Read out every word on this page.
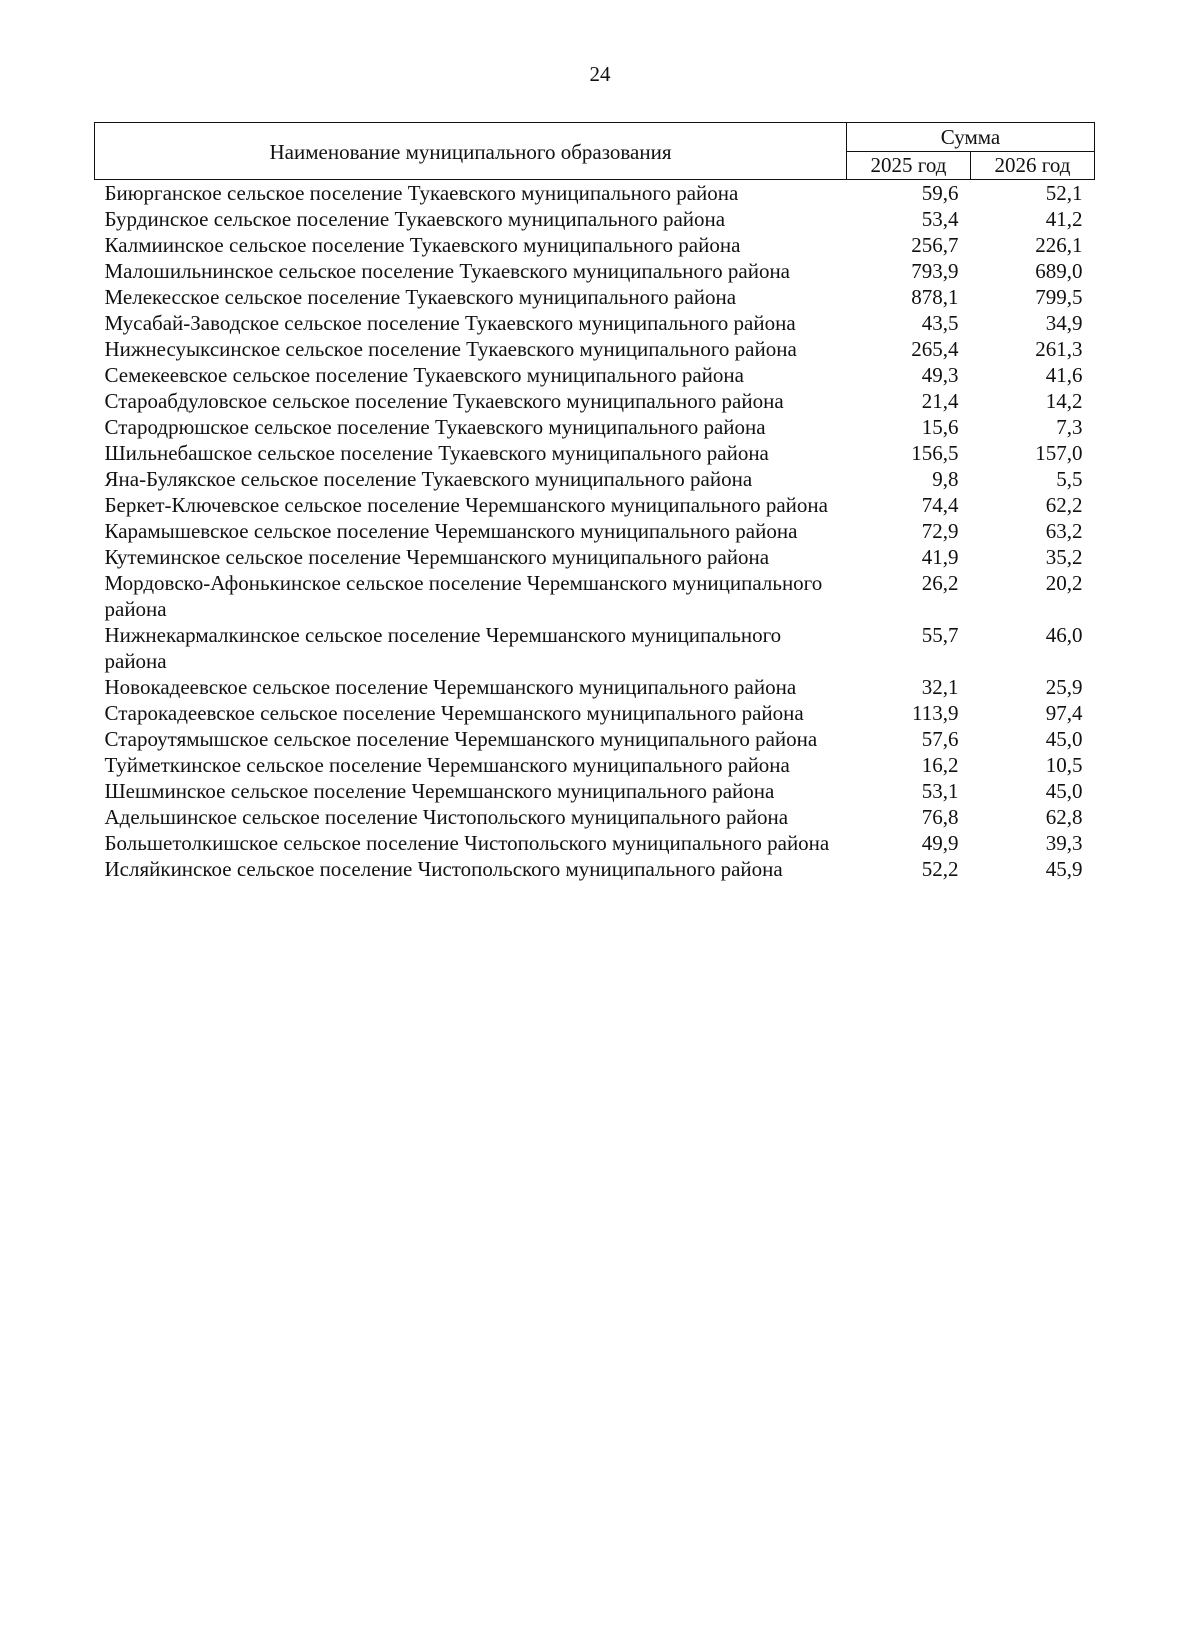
24
Наименование муниципального образования	Сумма	
	2025 год	2026 год
Биюрганское сельское поселение Тукаевского муниципального района	59,6	52,1
Бурдинское сельское поселение Тукаевского муниципального района	53,4	41,2
Калмиинское сельское поселение Тукаевского муниципального района	256,7	226,1
Малошильнинское сельское поселение Тукаевского муниципального района	793,9	689,0
Мелекесское сельское поселение Тукаевского муниципального района	878,1	799,5
Мусабай-Заводское сельское поселение Тукаевского муниципального района	43,5	34,9
Нижнесуыксинское сельское поселение Тукаевского муниципального района	265,4	261,3
Семекеевское сельское поселение Тукаевского муниципального района	49,3	41,6
Староабдуловское сельское поселение Тукаевского муниципального района	21,4	14,2
Стародрюшское сельское поселение Тукаевского муниципального района	15,6	7,3
Шильнебашское сельское поселение Тукаевского муниципального района	156,5	157,0
Яна-Булякское сельское поселение Тукаевского муниципального района	9,8	5,5
Беркет-Ключевское сельское поселение Черемшанского муниципального района	74,4	62,2
Карамышевское сельское поселение Черемшанского муниципального района	72,9	63,2
Кутеминское сельское поселение Черемшанского муниципального района	41,9	35,2
Мордовско-Афонькинское сельское поселение Черемшанского муниципального района	26,2	20,2
Нижнекармалкинское сельское поселение Черемшанского муниципального района	55,7	46,0
Новокадеевское сельское поселение Черемшанского муниципального района	32,1	25,9
Старокадеевское сельское поселение Черемшанского муниципального района	113,9	97,4
Староутямышское сельское поселение Черемшанского муниципального района	57,6	45,0
Туйметкинское сельское поселение Черемшанского муниципального района	16,2	10,5
Шешминское сельское поселение Черемшанского муниципального района	53,1	45,0
Адельшинское сельское поселение Чистопольского муниципального района	76,8	62,8
Большетолкишское сельское поселение Чистопольского муниципального района	49,9	39,3
Исляйкинское сельское поселение Чистопольского муниципального района	52,2	45,9
